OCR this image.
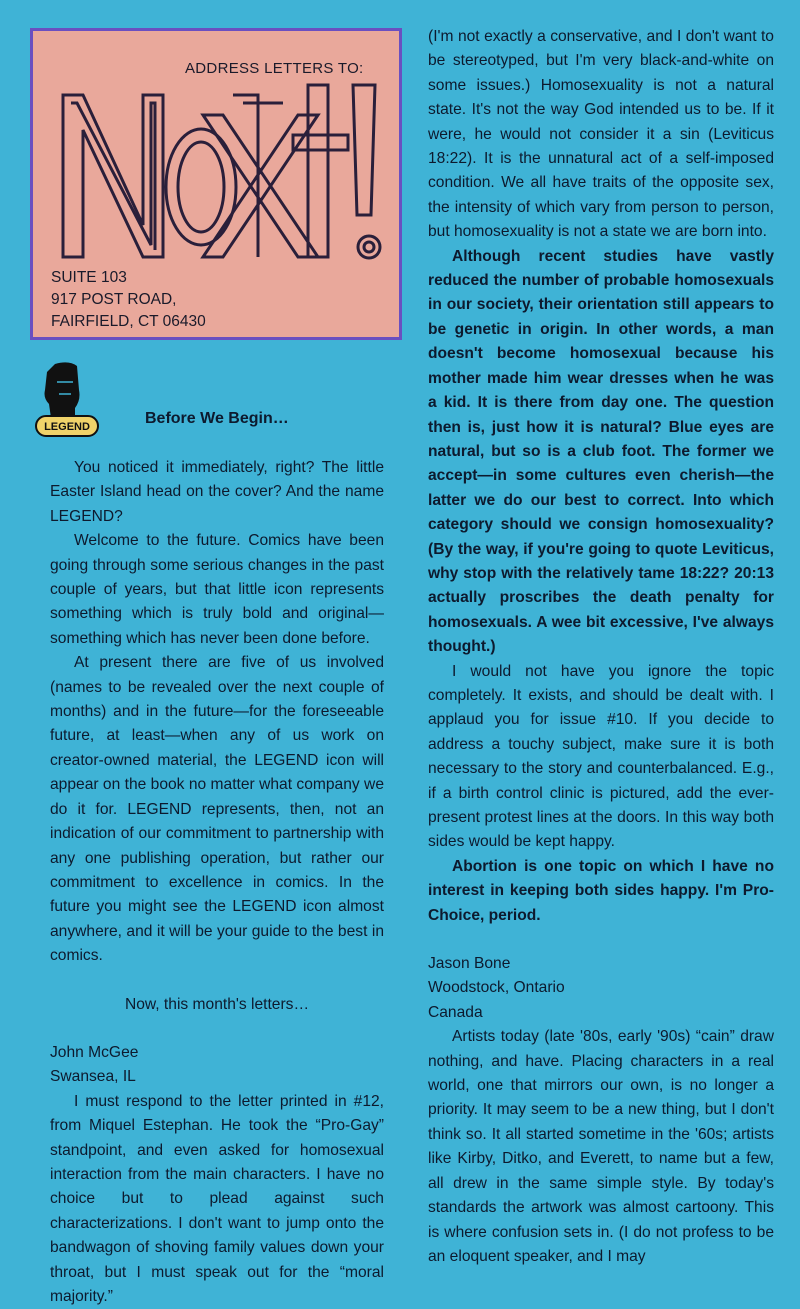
ADDRESS LETTERS TO:
SUITE 103
917 POST ROAD,
FAIRFIELD, CT 06430
LEGEND	Before We Begin…

You noticed it immediately, right? The little Easter Island head on the cover? And the name LEGEND?

Welcome to the future. Comics have been going through some serious changes in the past couple of years, but that little icon represents something which is truly bold and original—something which has never been done before.

At present there are five of us involved (names to be revealed over the next couple of months) and in the future—for the foreseeable future, at least—when any of us work on creator-owned material, the LEGEND icon will appear on the book no matter what company we do it for. LEGEND represents, then, not an indication of our commitment to partnership with any one publishing operation, but rather our commitment to excellence in comics. In the future you might see the LEGEND icon almost anywhere, and it will be your guide to the best in comics.

Now, this month's letters…

John McGee
Swansea, IL

I must respond to the letter printed in #12, from Miquel Estephan. He took the “Pro-Gay” standpoint, and even asked for homosexual interaction from the main characters. I have no choice but to plead against such characterizations. I don't want to jump onto the bandwagon of shoving family values down your throat, but I must speak out for the “moral majority.”

(I'm not exactly a conservative, and I don't want to be stereotyped, but I'm very black-and-white on some issues.) Homosexuality is not a natural state. It's not the way God intended us to be. If it were, he would not consider it a sin (Leviticus 18:22). It is the unnatural act of a self-imposed condition. We all have traits of the opposite sex, the intensity of which vary from person to person, but homosexuality is not a state we are born into.

Although recent studies have vastly reduced the number of probable homosexuals in our society, their orientation still appears to be genetic in origin. In other words, a man doesn't become homosexual because his mother made him wear dresses when he was a kid. It is there from day one. The question then is, just how it is natural? Blue eyes are natural, but so is a club foot. The former we accept—in some cultures even cherish—the latter we do our best to correct. Into which category should we consign homosexuality? (By the way, if you're going to quote Leviticus, why stop with the relatively tame 18:22? 20:13 actually proscribes the death penalty for homosexuals. A wee bit excessive, I've always thought.)

I would not have you ignore the topic completely. It exists, and should be dealt with. I applaud you for issue #10. If you decide to address a touchy subject, make sure it is both necessary to the story and counterbalanced. E.g., if a birth control clinic is pictured, add the ever-present protest lines at the doors. In this way both sides would be kept happy.

Abortion is one topic on which I have no interest in keeping both sides happy. I'm Pro-Choice, period.

Jason Bone
Woodstock, Ontario
Canada

Artists today (late '80s, early '90s) “cain” draw nothing, and have. Placing characters in a real world, one that mirrors our own, is no longer a priority. It may seem to be a new thing, but I don't think so. It all started sometime in the '60s; artists like Kirby, Ditko, and Everett, to name but a few, all drew in the same simple style. By today's standards the artwork was almost cartoony. This is where confusion sets in. (I do not profess to be an eloquent speaker, and I may
